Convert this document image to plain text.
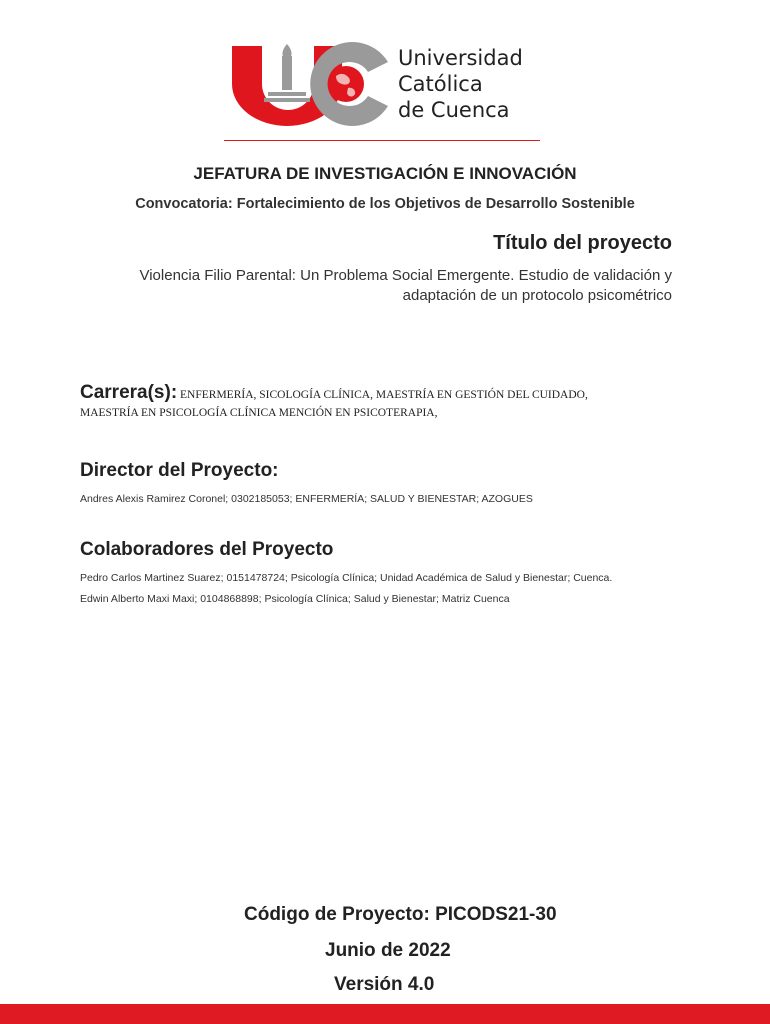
Universidad
Católica
de Cuenca
JEFATURA DE INVESTIGACIÓN E INNOVACIÓN
Convocatoria: Fortalecimiento de los Objetivos de Desarrollo Sostenible
Título del proyecto
Violencia Filio Parental: Un Problema Social Emergente. Estudio de validación y
adaptación de un protocolo psicométrico
Carrera(s): ENFERMERÍA, SICOLOGÍA CLÍNICA, MAESTRÍA EN GESTIÓN DEL CUIDADO,
MAESTRÍA EN PSICOLOGÍA CLÍNICA MENCIÓN EN PSICOTERAPIA,
Director del Proyecto:
Andres Alexis Ramirez Coronel; 0302185053; ENFERMERÍA; SALUD Y BIENESTAR; AZOGUES
Colaboradores del Proyecto
Pedro Carlos Martinez Suarez; 0151478724; Psicología Clínica; Unidad Académica de Salud y Bienestar; Cuenca.
Edwin Alberto Maxi Maxi; 0104868898; Psicología Clínica; Salud y Bienestar; Matriz Cuenca
Código de Proyecto: PICODS21-30
Junio de 2022
Versión 4.0
